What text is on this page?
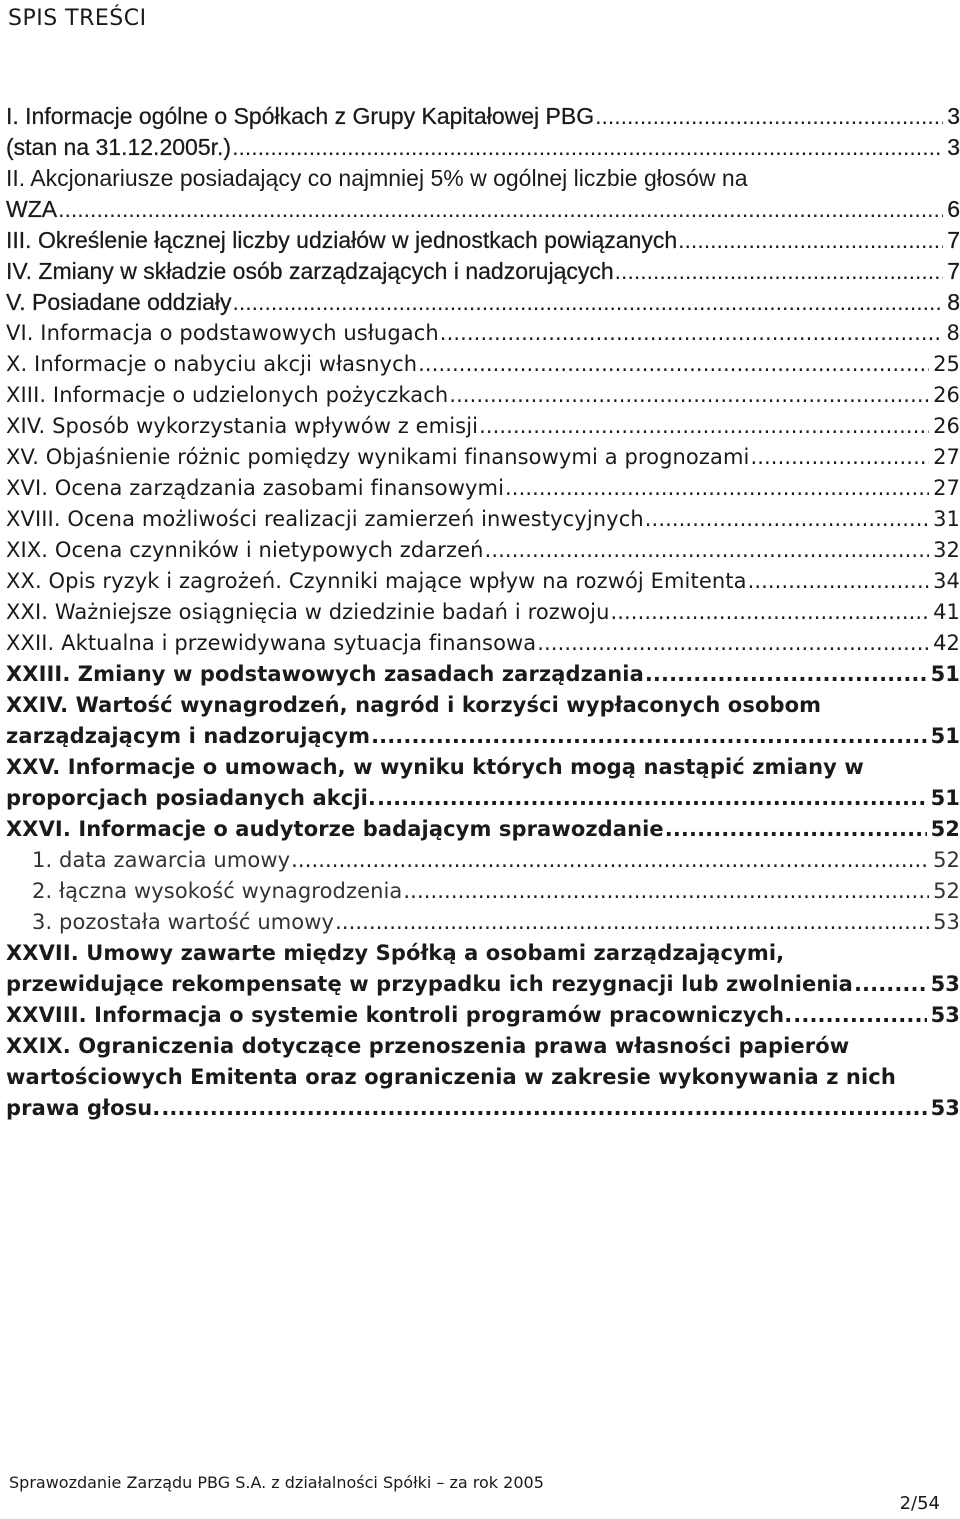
SPIS TREŚCI
I. Informacje ogólne o Spółkach z Grupy Kapitałowej PBG .....	3
(stan na 31.12.2005r.) .....	3
II. Akcjonariusze posiadający co najmniej 5% w ogólnej liczbie głosów na
WZA .....	6
III. Określenie łącznej liczby udziałów w jednostkach powiązanych .....	7
IV. Zmiany w składzie osób zarządzających i nadzorujących .....	7
V. Posiadane oddziały .....	8
VI. Informacja o podstawowych usługach .....	8
X. Informacje o nabyciu akcji własnych .....	25
XIII. Informacje o udzielonych pożyczkach .....	26
XIV. Sposób wykorzystania wpływów z emisji .....	26
XV. Objaśnienie różnic pomiędzy wynikami finansowymi a prognozami .....	27
XVI. Ocena zarządzania zasobami finansowymi .....	27
XVIII. Ocena możliwości realizacji zamierzeń inwestycyjnych .....	31
XIX. Ocena czynników i nietypowych zdarzeń .....	32
XX. Opis ryzyk i zagrożeń. Czynniki mające wpływ na rozwój Emitenta .....	34
XXI. Ważniejsze osiągnięcia w dziedzinie badań i rozwoju .....	41
XXII. Aktualna i przewidywana sytuacja finansowa .....	42
XXIII. Zmiany w podstawowych zasadach zarządzania .....	51
XXIV. Wartość wynagrodzeń, nagród i korzyści wypłaconych osobom
zarządzającym i nadzorującym .....	51
XXV. Informacje o umowach, w wyniku których mogą nastąpić zmiany w
proporcjach posiadanych akcji. .....	51
XXVI. Informacje o audytorze badającym sprawozdanie .....	52
1. data zawarcia umowy .....	52
2. łączna wysokość wynagrodzenia .....	52
3. pozostała wartość umowy .....	53
XXVII. Umowy zawarte między Spółką a osobami zarządzającymi,
przewidujące rekompensatę w przypadku ich rezygnacji lub zwolnienia .....	53
XXVIII. Informacja o systemie kontroli programów pracowniczych. .....	53
XXIX. Ograniczenia dotyczące przenoszenia prawa własności papierów
wartościowych Emitenta oraz ograniczenia w zakresie wykonywania z nich
prawa głosu. .....	53
Sprawozdanie Zarządu PBG S.A. z działalności Spółki – za rok 2005
2/54
